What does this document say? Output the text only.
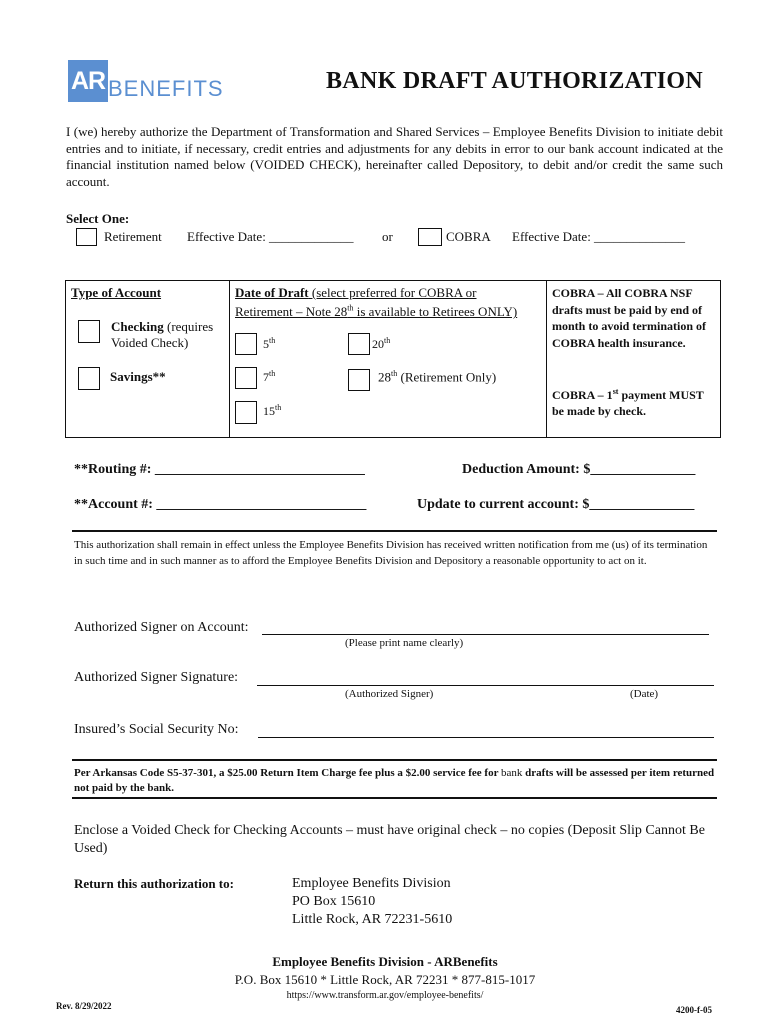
AR BENEFITS	BANK DRAFT AUTHORIZATION
I (we) hereby authorize the Department of Transformation and Shared Services – Employee Benefits Division to initiate debit entries and to initiate, if necessary, credit entries and adjustments for any debits in error to our bank account indicated at the financial institution named below (VOIDED CHECK), hereinafter called Depository, to debit and/or credit the same such account.
Select One:
Retirement Effective Date: _____________ or	COBRA Effective Date: ______________
Type of Account
Checking (requires
Voided Check)
Savings**
Date of Draft (select preferred for COBRA or
Retirement – Note 28th is available to Retirees ONLY)
5th	20th
7th	28th (Retirement Only)
15th
COBRA – All COBRA NSF drafts must be paid by end of month to avoid termination of COBRA health insurance.
COBRA – 1st payment MUST be made by check.
**Routing #: ______________________________	Deduction Amount: $_______________
**Account #: ______________________________	Update to current account: $_______________
This authorization shall remain in effect unless the Employee Benefits Division has received written notification from me (us) of its termination in such time and in such manner as to afford the Employee Benefits Division and Depository a reasonable opportunity to act on it.
Authorized Signer on Account:
(Please print name clearly)
Authorized Signer Signature:
(Authorized Signer)	(Date)
Insured’s Social Security No:
Per Arkansas Code S5-37-301, a $25.00 Return Item Charge fee plus a $2.00 service fee for bank drafts will be assessed per item returned not paid by the bank.
Enclose a Voided Check for Checking Accounts – must have original check – no copies (Deposit Slip Cannot Be Used)
Return this authorization to:	Employee Benefits Division
PO Box 15610
Little Rock, AR 72231-5610
Employee Benefits Division - ARBenefits
P.O. Box 15610 * Little Rock, AR 72231 * 877-815-1017
https://www.transform.ar.gov/employee-benefits/
Rev. 8/29/2022	4200-f-05
